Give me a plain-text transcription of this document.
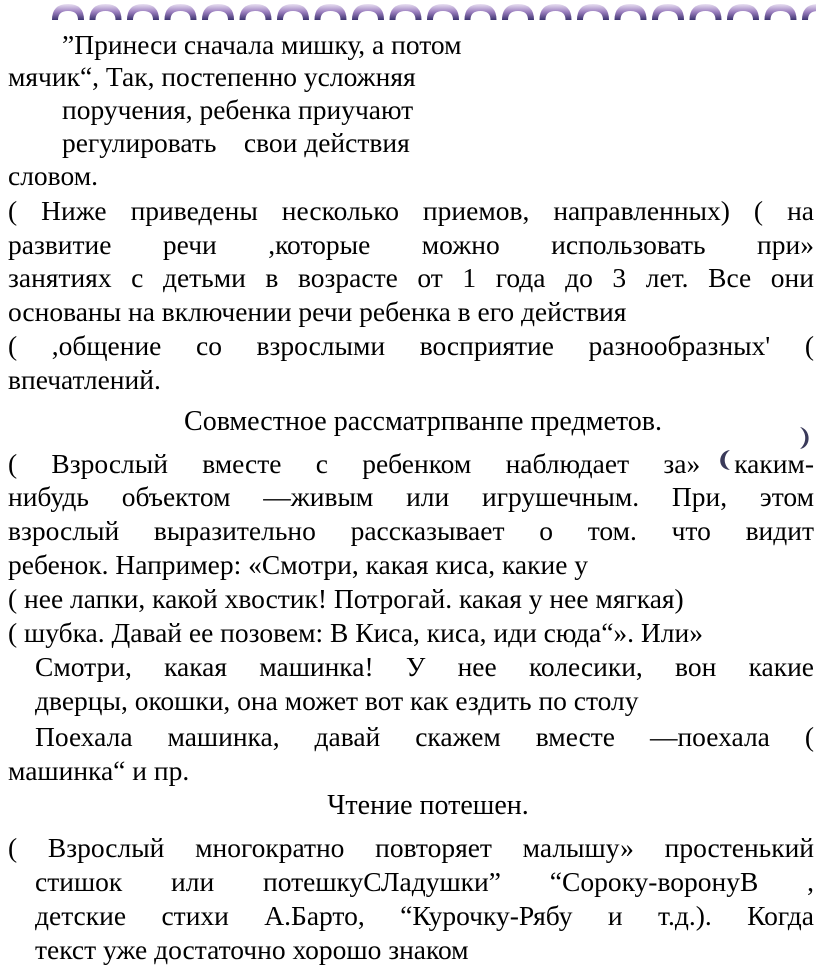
”Принеси сначала мишку, а потом
мячик“, Так, постепенно усложняя
поручения, ребенка приучают
регулировать    свои действия
словом.
( Ниже приведены несколько приемов, направленных) ( на
развитие речи ,которые можно использовать при»
занятиях с детьми в возрасте от 1 года до 3 лет. Все они
основаны на включении речи ребенка в его действия
( ,общение со взрослыми восприятие разнообразных' (
впечатлений.
Совместное рассматрпванпе предметов.
( Взрослый вместе с ребенком наблюдает за» каким-
нибудь объектом —живым или игрушечным. При, этом
взрослый выразительно рассказывает о том. что видит
ребенок. Например: «Смотри, какая киса, какие у
( нее лапки, какой хвостик! Потрогай. какая у нее мягкая)
( шубка. Давай ее позовем: В Киса, киса, иди сюда“». Или»
Смотри, какая машинка! У нее колесики, вон какие
дверцы, окошки, она может вот как ездить по столу
Поехала машинка, давай скажем вместе —поехала (
машинка“ и пр.
Чтение потешен.
( Взрослый многократно повторяет малышу» простенький
стишок или потешкуСЛадушки” “Сороку-воронуВ ,
детские стихи А.Барто, “Курочку-Рябу и т.д.). Когда
текст уже достаточно хорошо знаком
